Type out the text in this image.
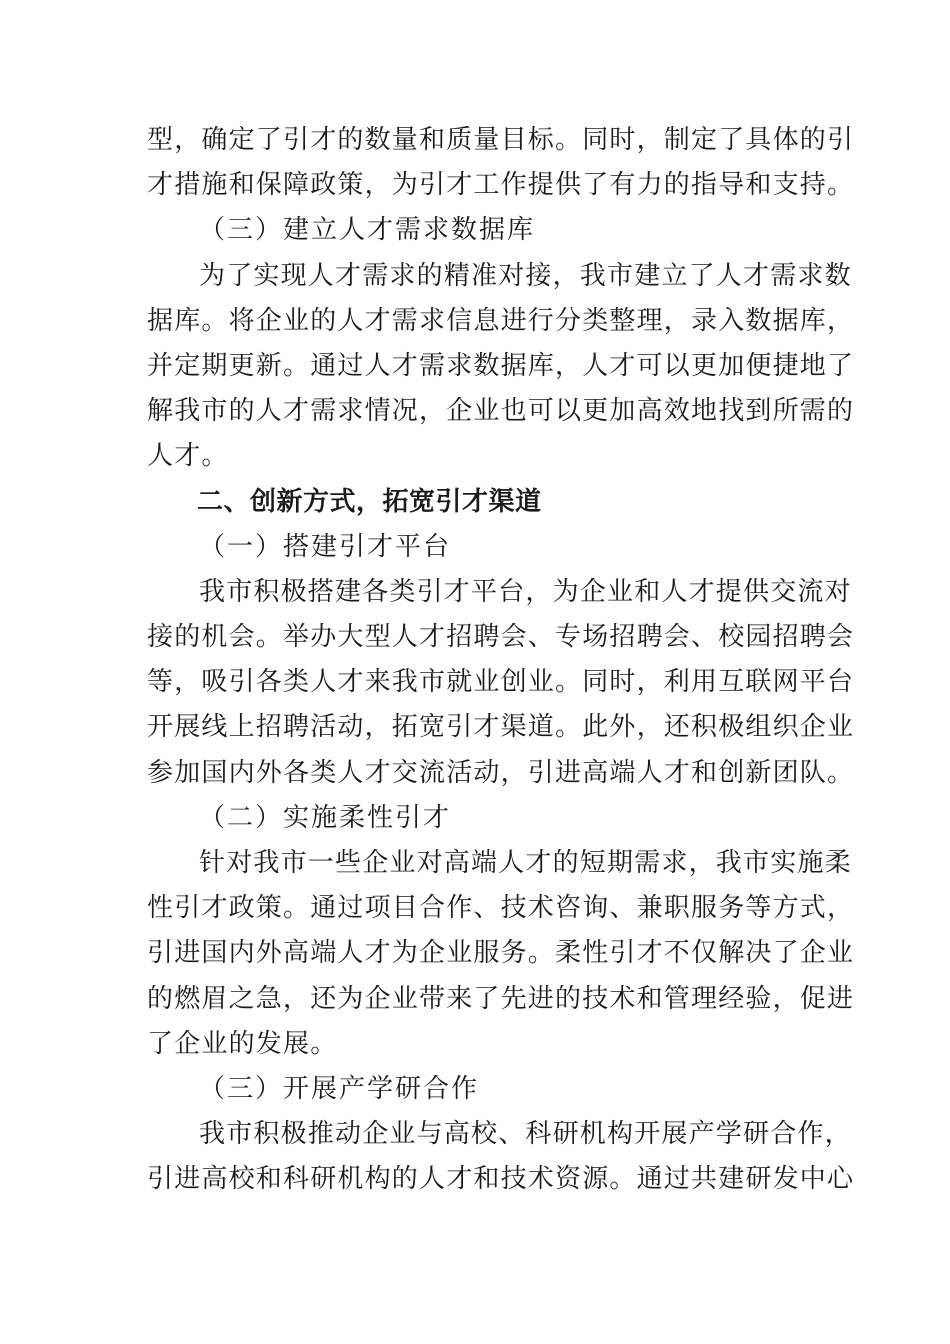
型，确定了引才的数量和质量目标。同时，制定了具体的引
才措施和保障政策，为引才工作提供了有力的指导和支持。
（三）建立人才需求数据库
为了实现人才需求的精准对接，我市建立了人才需求数
据库。将企业的人才需求信息进行分类整理，录入数据库，
并定期更新。通过人才需求数据库，人才可以更加便捷地了
解我市的人才需求情况，企业也可以更加高效地找到所需的
人才。
二、创新方式，拓宽引才渠道
（一）搭建引才平台
我市积极搭建各类引才平台，为企业和人才提供交流对
接的机会。举办大型人才招聘会、专场招聘会、校园招聘会
等，吸引各类人才来我市就业创业。同时，利用互联网平台
开展线上招聘活动，拓宽引才渠道。此外，还积极组织企业
参加国内外各类人才交流活动，引进高端人才和创新团队。
（二）实施柔性引才
针对我市一些企业对高端人才的短期需求，我市实施柔
性引才政策。通过项目合作、技术咨询、兼职服务等方式，
引进国内外高端人才为企业服务。柔性引才不仅解决了企业
的燃眉之急，还为企业带来了先进的技术和管理经验，促进
了企业的发展。
（三）开展产学研合作
我市积极推动企业与高校、科研机构开展产学研合作，
引进高校和科研机构的人才和技术资源。通过共建研发中心
